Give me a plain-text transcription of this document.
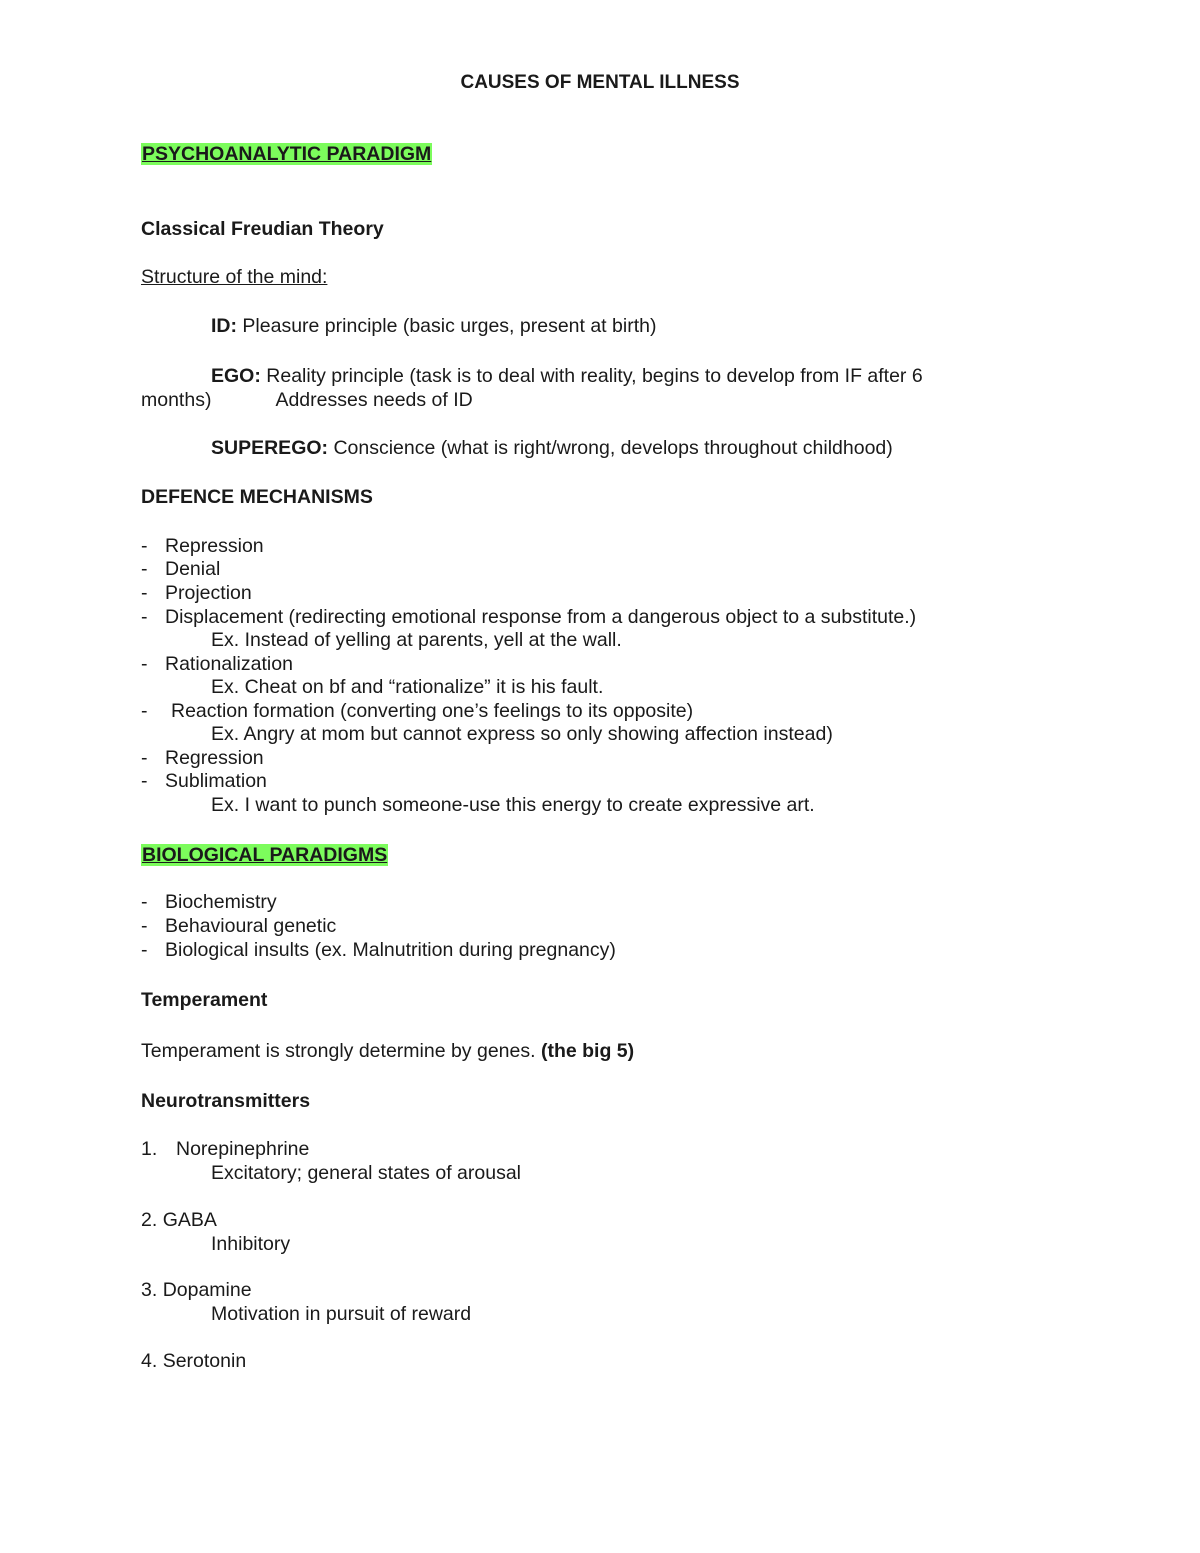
CAUSES OF MENTAL ILLNESS
PSYCHOANALYTIC PARADIGM
Classical Freudian Theory
Structure of the mind:
ID: Pleasure principle (basic urges, present at birth)
EGO: Reality principle (task is to deal with reality, begins to develop from IF after 6
months)	Addresses needs of ID
SUPEREGO: Conscience (what is right/wrong, develops throughout childhood)
DEFENCE MECHANISMS
- Repression
- Denial
- Projection
- Displacement (redirecting emotional response from a dangerous object to a substitute.)
Ex. Instead of yelling at parents, yell at the wall.
- Rationalization
Ex. Cheat on bf and “rationalize” it is his fault.
- Reaction formation (converting one’s feelings to its opposite)
Ex. Angry at mom but cannot express so only showing affection instead)
- Regression
- Sublimation
Ex. I want to punch someone-use this energy to create expressive art.
BIOLOGICAL PARADIGMS
- Biochemistry
- Behavioural genetic
- Biological insults (ex. Malnutrition during pregnancy)
Temperament
Temperament is strongly determine by genes. (the big 5)
Neurotransmitters
1. Norepinephrine
Excitatory; general states of arousal
2. GABA
Inhibitory
3. Dopamine
Motivation in pursuit of reward
4. Serotonin
